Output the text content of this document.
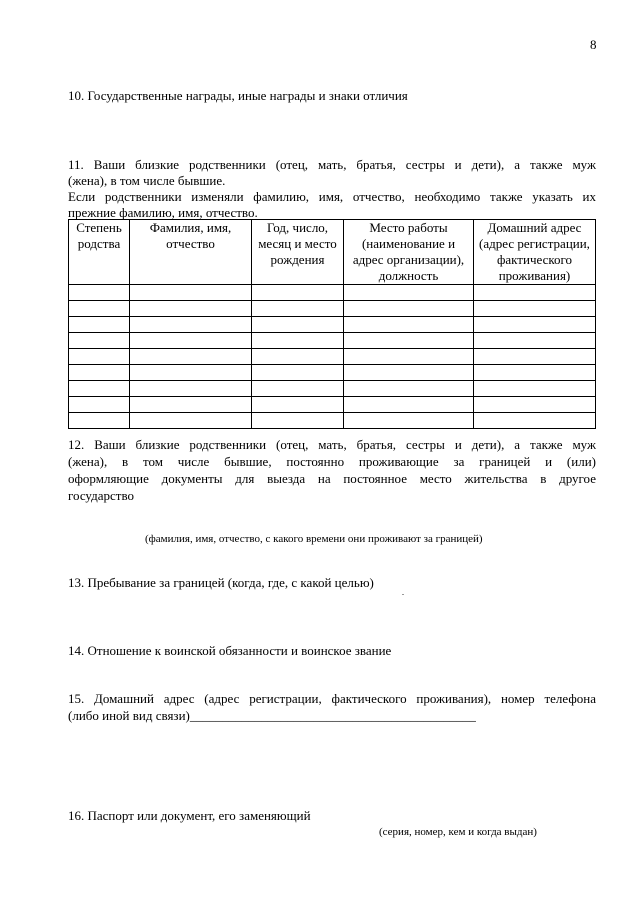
8
10. Государственные награды, иные награды и знаки отличия
11. Ваши близкие родственники (отец, мать, братья, сестры и дети), а также муж
(жена), в том числе бывшие.
Если родственники изменяли фамилию, имя, отчество, необходимо также указать их
прежние фамилию, имя, отчество.
Степень родства	Фамилия, имя, отчество	Год, число, месяц и место рождения	Место работы (наименование и адрес организации), должность	Домашний адрес (адрес регистрации, фактического проживания)

12. Ваши близкие родственники (отец, мать, братья, сестры и дети), а также муж
(жена), в том числе бывшие, постоянно проживающие за границей и (или)
оформляющие документы для выезда на постоянное место жительства в другое
государство
(фамилия, имя, отчество, с какого времени они проживают за границей)
13. Пребывание за границей (когда, где, с какой целью)
14. Отношение к воинской обязанности и воинское звание
15. Домашний адрес (адрес регистрации, фактического проживания), номер телефона
(либо иной вид связи)____________________________________________
16. Паспорт или документ, его заменяющий
(серия, номер, кем и когда выдан)
